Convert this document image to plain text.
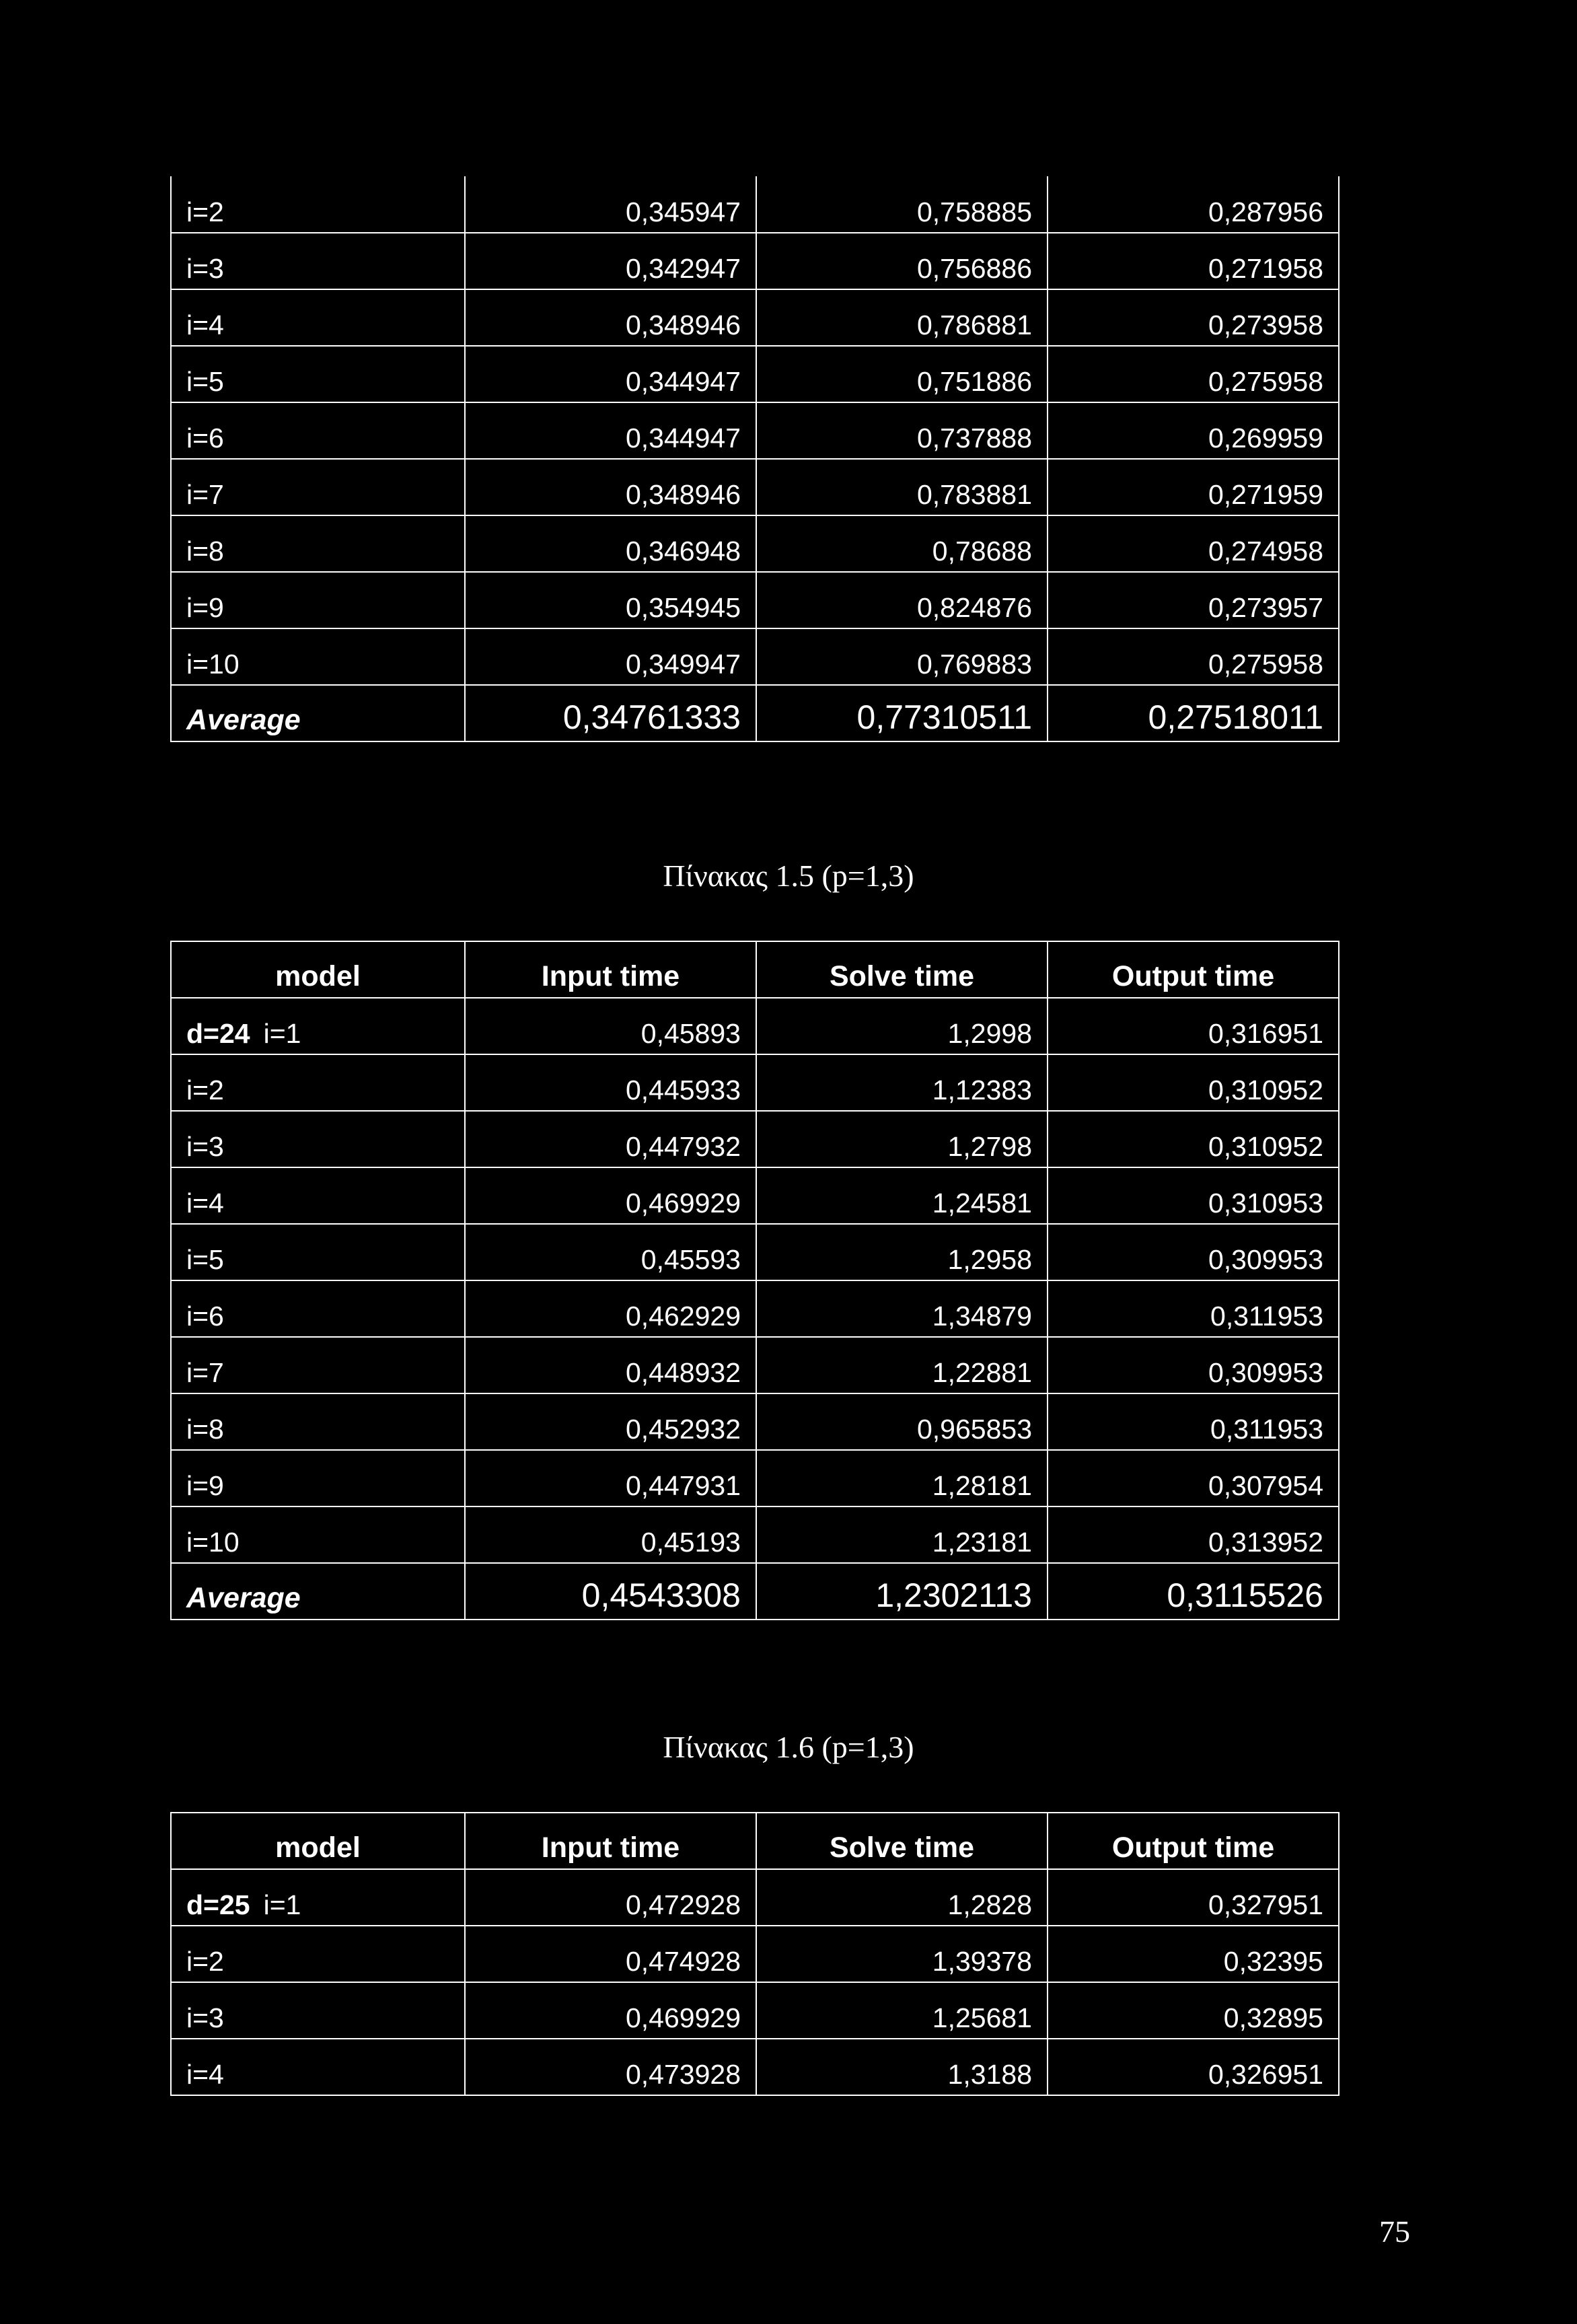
i=2	0,345947	0,758885	0,287956
i=3	0,342947	0,756886	0,271958
i=4	0,348946	0,786881	0,273958
i=5	0,344947	0,751886	0,275958
i=6	0,344947	0,737888	0,269959
i=7	0,348946	0,783881	0,271959
i=8	0,346948	0,78688	0,274958
i=9	0,354945	0,824876	0,273957
i=10	0,349947	0,769883	0,275958
Average	0,34761333	0,77310511	0,27518011
Πίνακας 1.5 (p=1,3)
model	Input time	Solve time	Output time
d=24 i=1	0,45893	1,2998	0,316951
i=2	0,445933	1,12383	0,310952
i=3	0,447932	1,2798	0,310952
i=4	0,469929	1,24581	0,310953
i=5	0,45593	1,2958	0,309953
i=6	0,462929	1,34879	0,311953
i=7	0,448932	1,22881	0,309953
i=8	0,452932	0,965853	0,311953
i=9	0,447931	1,28181	0,307954
i=10	0,45193	1,23181	0,313952
Average	0,4543308	1,2302113	0,3115526
Πίνακας 1.6 (p=1,3)
model	Input time	Solve time	Output time
d=25 i=1	0,472928	1,2828	0,327951
i=2	0,474928	1,39378	0,32395
i=3	0,469929	1,25681	0,32895
i=4	0,473928	1,3188	0,326951
75
